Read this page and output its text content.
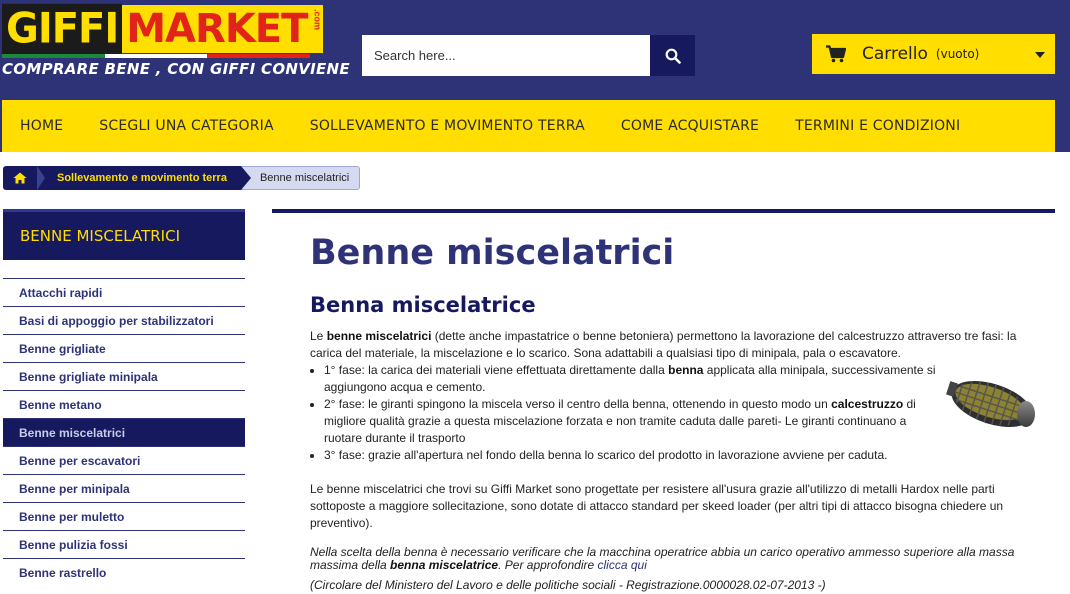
GIFFI MARKET .com
COMPRARE BENE , CON GIFFI CONVIENE
Search here...
Carrello (vuoto)
HOME	SCEGLI UNA CATEGORIA	SOLLEVAMENTO E MOVIMENTO TERRA	COME ACQUISTARE	TERMINI E CONDIZIONI
Sollevamento e movimento terra	Benne miscelatrici
BENNE MISCELATRICI
Attacchi rapidi
Basi di appoggio per stabilizzatori
Benne grigliate
Benne grigliate minipala
Benne metano
Benne miscelatrici
Benne per escavatori
Benne per minipala
Benne per muletto
Benne pulizia fossi
Benne rastrello
Benne miscelatrici
Benna miscelatrice

Le benne miscelatrici (dette anche impastatrice o benne betoniera) permettono la lavorazione del calcestruzzo attraverso tre fasi: la carica del materiale, la miscelazione e lo scarico. Sona adattabili a qualsiasi tipo di minipala, pala o escavatore.

• 1° fase: la carica dei materiali viene effettuata direttamente dalla benna applicata alla minipala, successivamente si aggiungono acqua e cemento.
• 2° fase: le giranti spingono la miscela verso il centro della benna, ottenendo in questo modo un calcestruzzo di migliore qualità grazie a questa miscelazione forzata e non tramite caduta dalle pareti- Le giranti continuano a ruotare durante il trasporto
• 3° fase: grazie all'apertura nel fondo della benna lo scarico del prodotto in lavorazione avviene per caduta.

Le benne miscelatrici che trovi su Giffi Market sono progettate per resistere all'usura grazie all'utilizzo di metalli Hardox nelle parti sottoposte a maggiore sollecitazione, sono dotate di attacco standard per skeed loader (per altri tipi di attacco bisogna chiedere un preventivo).

Nella scelta della benna è necessario verificare che la macchina operatrice abbia un carico operativo ammesso superiore alla massa massima della benna miscelatrice. Per approfondire clicca qui

(Circolare del Ministero del Lavoro e delle politiche sociali - Registrazione.0000028.02-07-2013 -)
